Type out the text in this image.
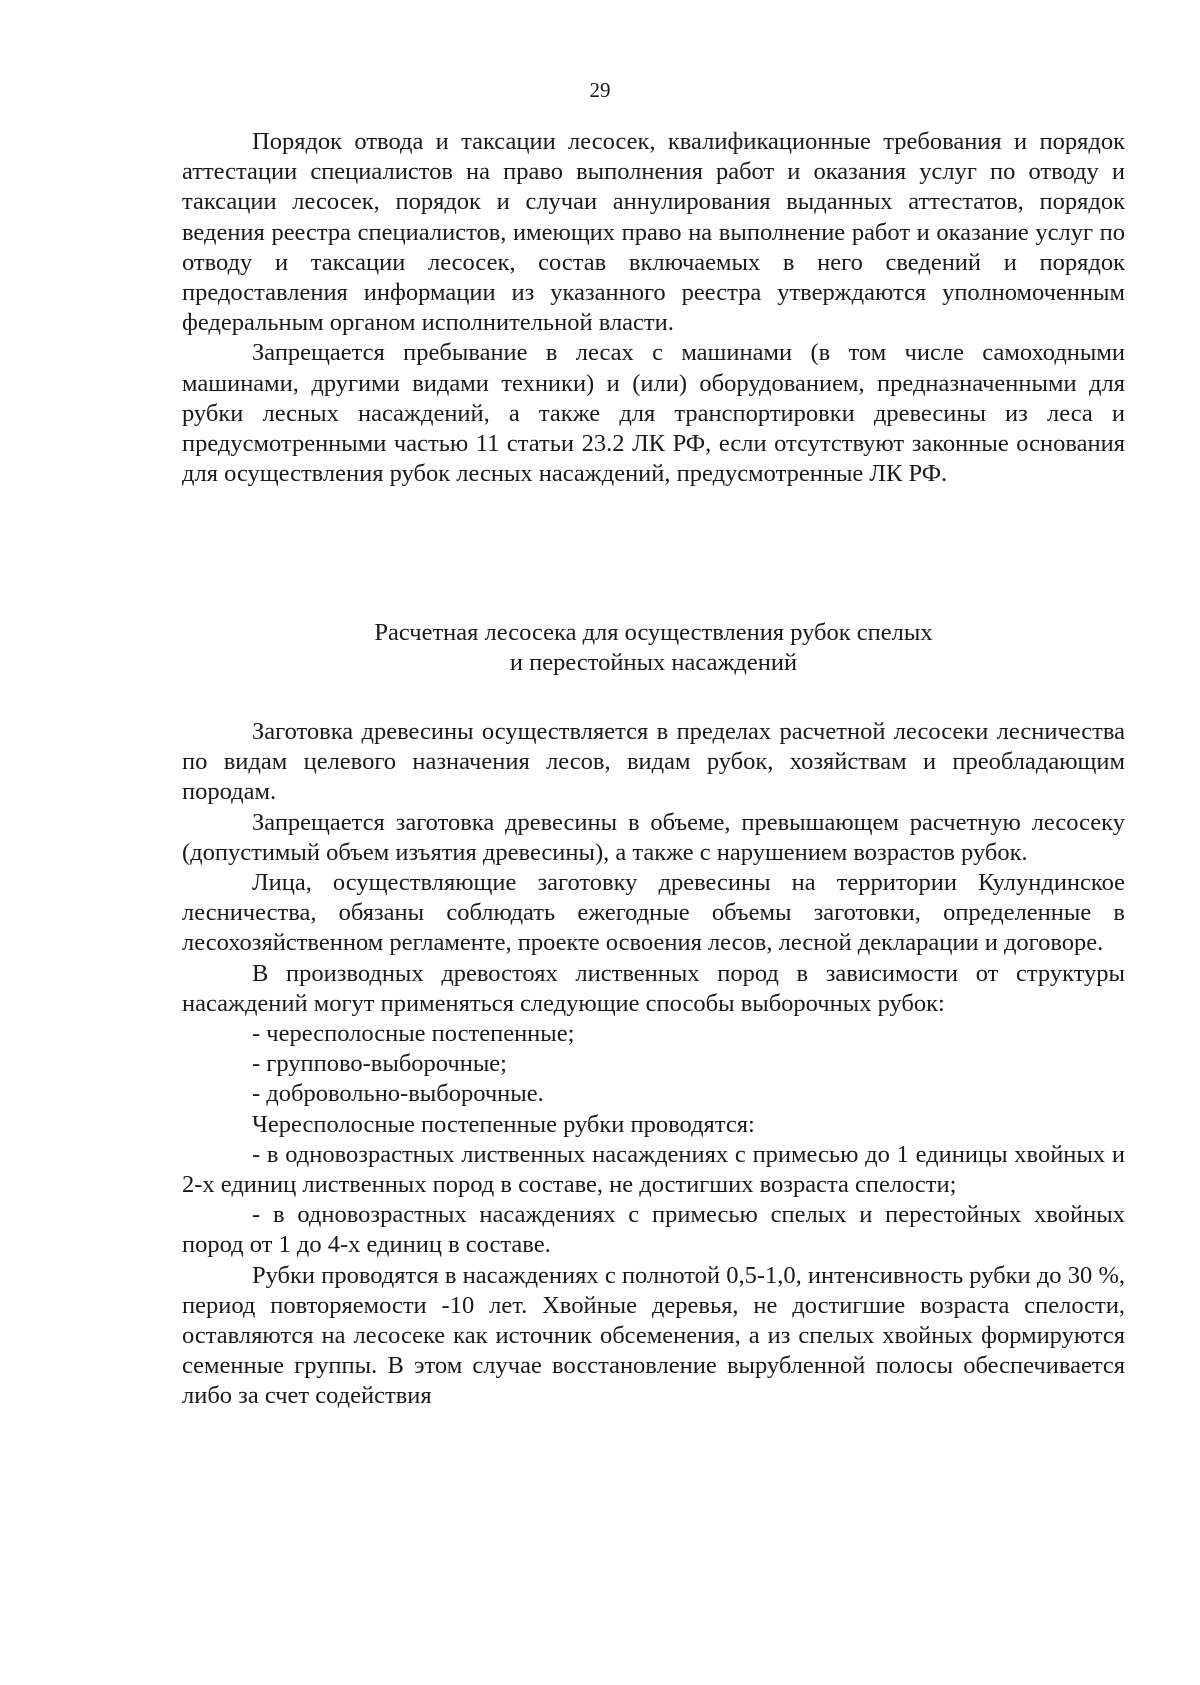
29

Порядок отвода и таксации лесосек, квалификационные требования и порядок аттестации специалистов на право выполнения работ и оказания услуг по отводу и таксации лесосек, порядок и случаи аннулирования выданных аттестатов, порядок ведения реестра специалистов, имеющих право на выполнение работ и оказание услуг по отводу и таксации лесосек, состав включаемых в него сведений и порядок предоставления информации из указанного реестра утверждаются уполномоченным федеральным органом исполнительной власти.

Запрещается пребывание в лесах с машинами (в том числе самоходными машинами, другими видами техники) и (или) оборудованием, предназначенными для рубки лесных насаждений, а также для транспортировки древесины из леса и предусмотренными частью 11 статьи 23.2 ЛК РФ, если отсутствуют законные основания для осуществления рубок лесных насаждений, предусмотренные ЛК РФ.

Расчетная лесосека для осуществления рубок спелых
и перестойных насаждений

Заготовка древесины осуществляется в пределах расчетной лесосеки лесничества по видам целевого назначения лесов, видам рубок, хозяйствам и преобладающим породам.

Запрещается заготовка древесины в объеме, превышающем расчетную лесосеку (допустимый объем изъятия древесины), а также с нарушением возрастов рубок.

Лица, осуществляющие заготовку древесины на территории Кулундинское лесничества, обязаны соблюдать ежегодные объемы заготовки, определенные в лесохозяйственном регламенте, проекте освоения лесов, лесной декларации и договоре.

В производных древостоях лиственных пород в зависимости от структуры насаждений могут применяться следующие способы выборочных рубок:

- чересполосные постепенные;

- группово-выборочные;

- добровольно-выборочные.

Чересполосные постепенные рубки проводятся:

- в одновозрастных лиственных насаждениях с примесью до 1 единицы хвойных и 2-х единиц лиственных пород в составе, не достигших возраста спелости;

- в одновозрастных насаждениях с примесью спелых и перестойных хвойных пород от 1 до 4-х единиц в составе.

Рубки проводятся в насаждениях с полнотой 0,5-1,0, интенсивность рубки до 30 %, период повторяемости -10 лет. Хвойные деревья, не достигшие возраста спелости, оставляются на лесосеке как источник обсеменения, а из спелых хвойных формируются семенные группы. В этом случае восстановление вырубленной полосы обеспечивается либо за счет содействия
